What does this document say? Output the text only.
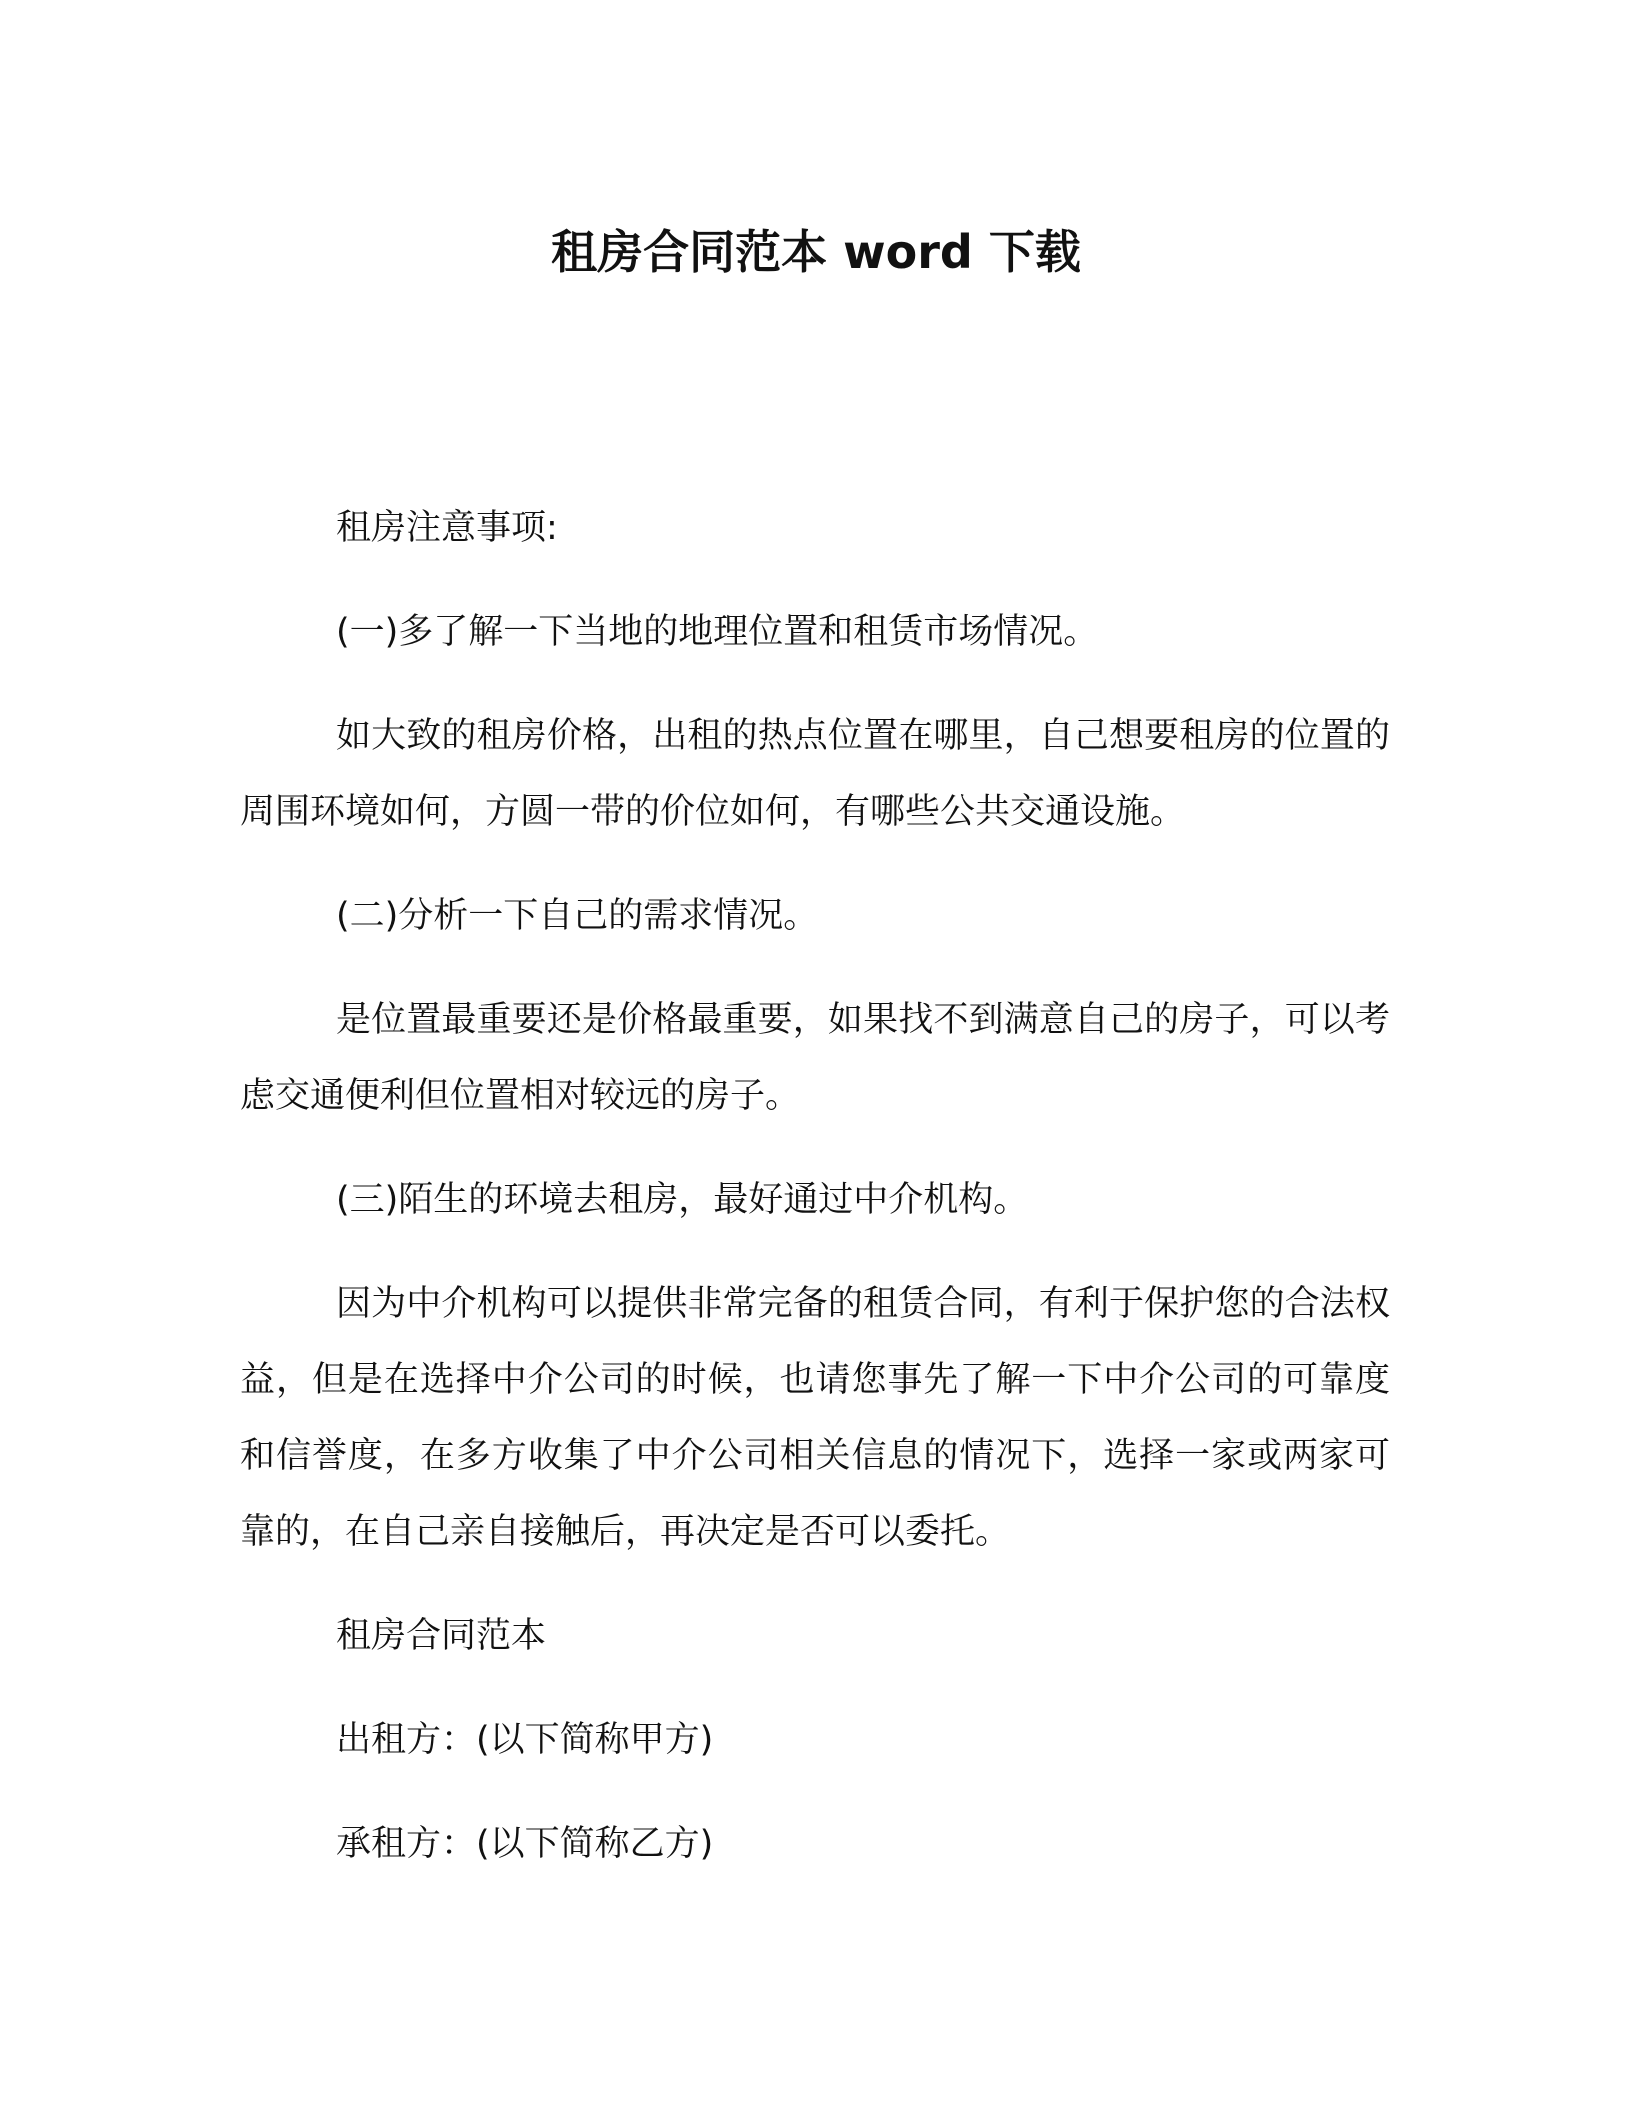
租房合同范本 word 下载

租房注意事项:

(一)多了解一下当地的地理位置和租赁市场情况。

如大致的租房价格，出租的热点位置在哪里，自己想要租房的位置的周围环境如何，方圆一带的价位如何，有哪些公共交通设施。

(二)分析一下自己的需求情况。

是位置最重要还是价格最重要，如果找不到满意自己的房子，可以考虑交通便利但位置相对较远的房子。

(三)陌生的环境去租房，最好通过中介机构。

因为中介机构可以提供非常完备的租赁合同，有利于保护您的合法权益，但是在选择中介公司的时候，也请您事先了解一下中介公司的可靠度和信誉度，在多方收集了中介公司相关信息的情况下，选择一家或两家可靠的，在自己亲自接触后，再决定是否可以委托。

租房合同范本

出租方：(以下简称甲方)

承租方：(以下简称乙方)
